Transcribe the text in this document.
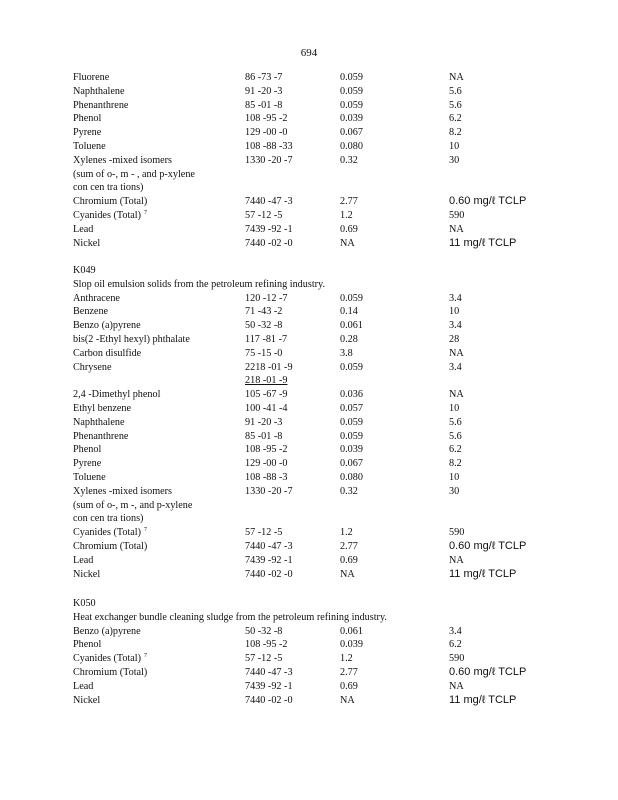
694
Fluorene	86 -73 -7	0.059	NA
Naphthalene	91 -20 -3	0.059	5.6
Phenanthrene	85 -01 -8	0.059	5.6
Phenol	108 -95 -2	0.039	6.2
Pyrene	129 -00 -0	0.067	8.2
Toluene	108 -88 -33	0.080	10
Xylenes -mixed isomers	1330 -20 -7	0.32	30
(sum of o-, m - , and p-xylene
con cen tra tions)
Chromium (Total)	7440 -47 -3	2.77	0.60 mg/ℓ TCLP
Cyanides (Total) $^7$	57 -12 -5	1.2	590
Lead	7439 -92 -1	0.69	NA
Nickel	7440 -02 -0	NA	11 mg/ℓ TCLP
K049
Slop oil emulsion solids from the petroleum refining industry.
Anthracene	120 -12 -7	0.059	3.4
Benzene	71 -43 -2	0.14	10
Benzo (a)pyrene	50 -32 -8	0.061	3.4
bis(2 -Ethyl hexyl) phthalate	117 -81 -7	0.28	28
Carbon disulfide	75 -15 -0	3.8	NA
Chrysene	2218 -01 -9	0.059	3.4
218 -01 -9
2,4 -Dimethyl phenol	105 -67 -9	0.036	NA
Ethyl benzene	100 -41 -4	0.057	10
Naphthalene	91 -20 -3	0.059	5.6
Phenanthrene	85 -01 -8	0.059	5.6
Phenol	108 -95 -2	0.039	6.2
Pyrene	129 -00 -0	0.067	8.2
Toluene	108 -88 -3	0.080	10
Xylenes -mixed isomers	1330 -20 -7	0.32	30
(sum of o-, m -, and p-xylene
con cen tra tions)
Cyanides (Total) $^7$	57 -12 -5	1.2	590
Chromium (Total)	7440 -47 -3	2.77	0.60 mg/ℓ TCLP
Lead	7439 -92 -1	0.69	NA
Nickel	7440 -02 -0	NA	11 mg/ℓ TCLP
K050
Heat exchanger bundle cleaning sludge from the petroleum refining industry.
Benzo (a)pyrene	50 -32 -8	0.061	3.4
Phenol	108 -95 -2	0.039	6.2
Cyanides (Total) $^7$	57 -12 -5	1.2	590
Chromium (Total)	7440 -47 -3	2.77	0.60 mg/ℓ TCLP
Lead	7439 -92 -1	0.69	NA
Nickel	7440 -02 -0	NA	11 mg/ℓ TCLP
